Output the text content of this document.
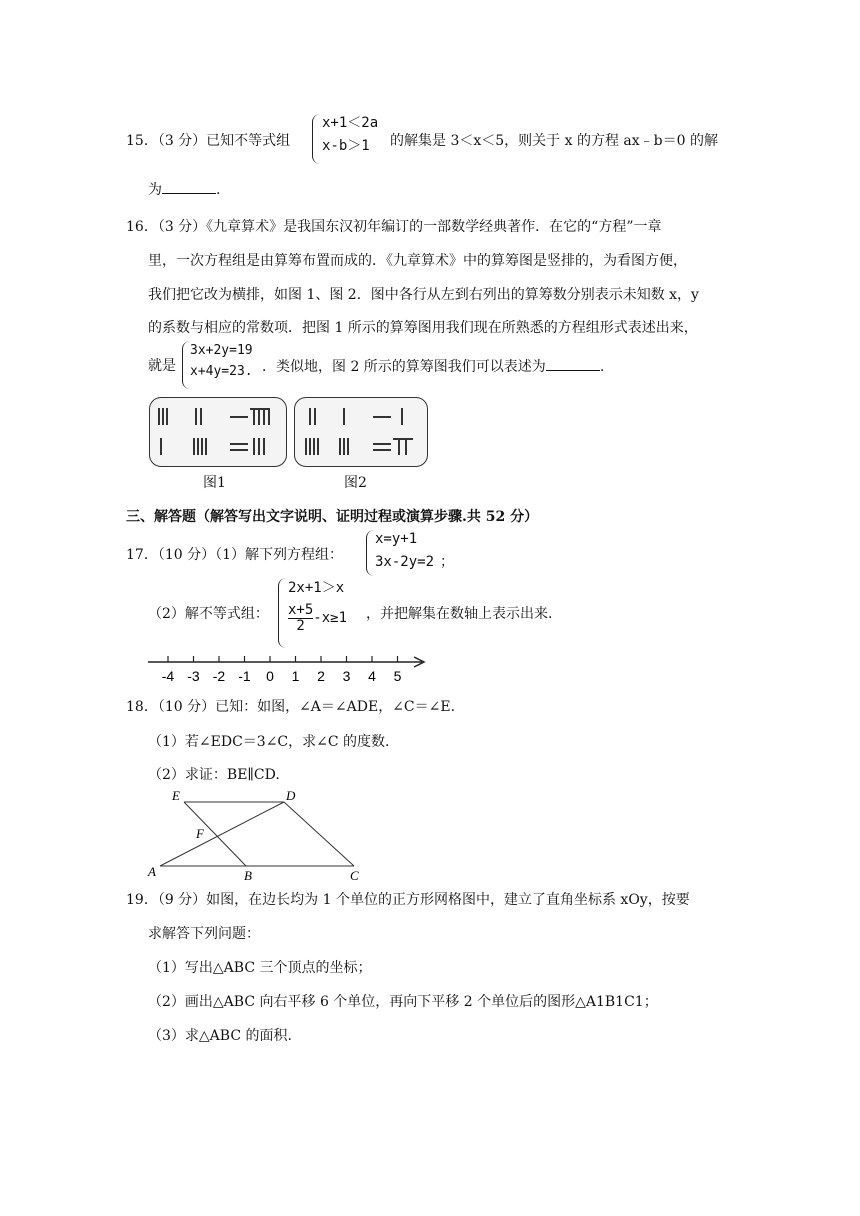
15．（3 分）已知不等式组
x+1＜2a
x-b＞1	的解集是 3＜x＜5，则关于 x 的方程 ax﹣b＝0 的解
为	.
16．（3 分）《九章算术》是我国东汉初年编订的一部数学经典著作．在它的“方程”一章
里，一次方程组是由算筹布置而成的．《九章算术》中的算筹图是竖排的，为看图方便，
我们把它改为横排，如图 1、图 2．图中各行从左到右列出的算筹数分别表示未知数 x，y
的系数与相应的常数项．把图 1 所示的算筹图用我们现在所熟悉的方程组形式表述出来，
就是
3x+2y=19
x+4y=23. ．类似地，图 2 所示的算筹图我们可以表述为	.
图1	图2
三、解答题（解答写出文字说明、证明过程或演算步骤.共 52 分）
17．（10 分）（1）解下列方程组：
x=y+1
3x-2y=2 ；
（2）解不等式组：
2x+1＞x
$\frac{x+5}{2} -x\ge 1$ ，并把解集在数轴上表示出来.
-4 -3 -2 -1 0 1 2 3 4 5
18．（10 分）已知：如图，∠A＝∠ADE，∠C＝∠E.
（1）若∠EDC＝3∠C，求∠C 的度数.
（2）求证：BE∥CD.
E	D
F
A	B	C
19．（9 分）如图，在边长均为 1 个单位的正方形网格图中，建立了直角坐标系 xOy，按要
求解答下列问题：
（1）写出△ABC 三个顶点的坐标；
（2）画出△ABC 向右平移 6 个单位，再向下平移 2 个单位后的图形△A1B1C1；
（3）求△ABC 的面积.
